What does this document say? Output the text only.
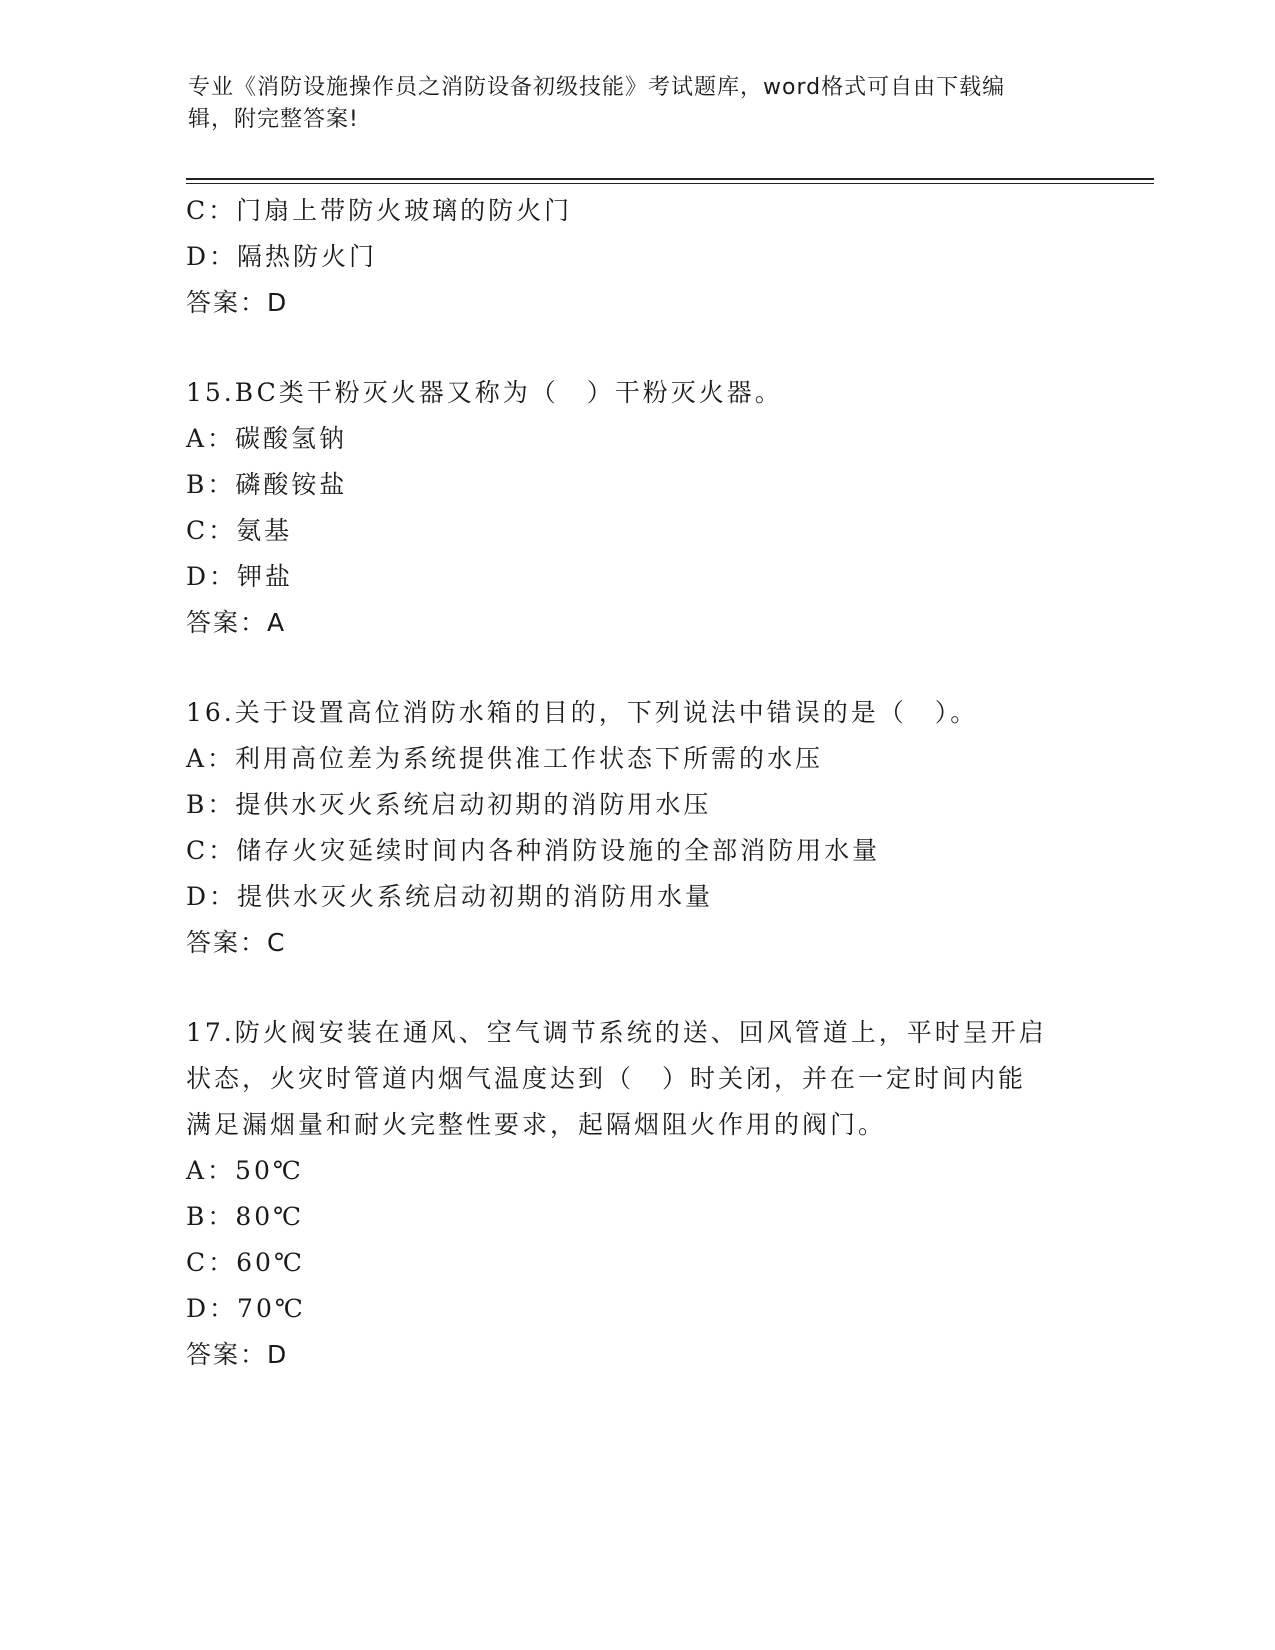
专业《消防设施操作员之消防设备初级技能》考试题库，word格式可自由下载编
辑，附完整答案!
C：门扇上带防火玻璃的防火门
D：隔热防火门
答案：D
15.BC类干粉灭火器又称为（　）干粉灭火器。
A：碳酸氢钠
B：磷酸铵盐
C：氨基
D：钾盐
答案：A
16.关于设置高位消防水箱的目的，下列说法中错误的是（　）。
A：利用高位差为系统提供准工作状态下所需的水压
B：提供水灭火系统启动初期的消防用水压
C：储存火灾延续时间内各种消防设施的全部消防用水量
D：提供水灭火系统启动初期的消防用水量
答案：C
17.防火阀安装在通风、空气调节系统的送、回风管道上，平时呈开启
状态，火灾时管道内烟气温度达到（　）时关闭，并在一定时间内能
满足漏烟量和耐火完整性要求，起隔烟阻火作用的阀门。
A：50℃
B：80℃
C：60℃
D：70℃
答案：D
